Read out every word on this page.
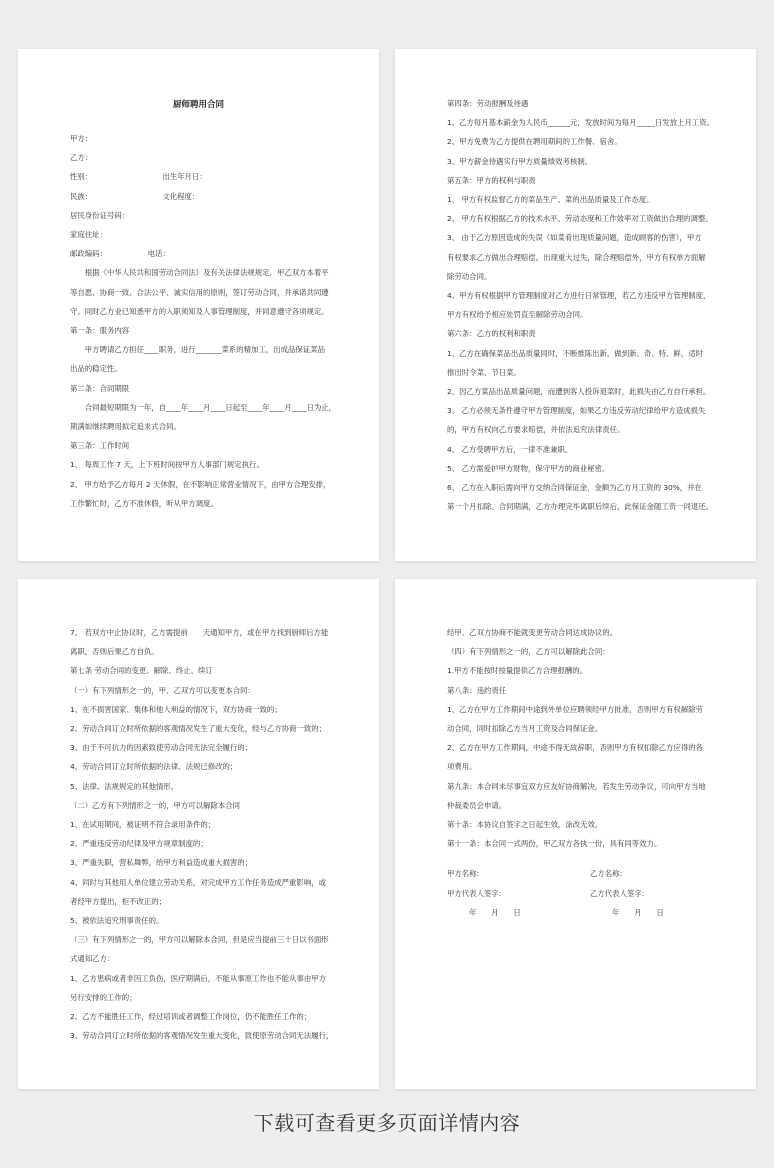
厨师聘用合同
甲方：
乙方：
性别：　　　　　　　　　　出生年月日：
民族：　　　　　　　　　　文化程度：
居民身份证号码：
家庭住址：
邮政编码：　　　　　　电话：
　　根据《中华人民共和国劳动合同法》及有关法律法规规定，甲乙双方本着平
等自愿、协商一致、合法公平、诚实信用的原则，签订劳动合同，并承诺共同遵
守。同时乙方业已知悉甲方的入职须知及人事管理制度，并同意遵守各项规定。
第一条：服务内容
　　甲方聘请乙方担任____职务，进行_______菜系的精加工，出成品保证菜品
出品的稳定性。
第二条：合同期限
　　合同最短期限为一年，自____年____月____日起至____年____月____日为止，
期满如继续聘用拟定追求式合同。
第三条：工作时间
1、 每周工作 7 天，上下班时间按甲方人事部门规定执行。
2、 甲方给予乙方每月 2 天休假，在不影响正常营业情况下，由甲方合理安排，
工作繁忙时，乙方不准休假，听从甲方调度。
第四条：劳动报酬及待遇
1、乙方每月基本薪金为人民币______元，发放时间为每月_____日发放上月工资。
2、甲方免费为乙方提供在聘用期间的工作餐、宿舍。
3、甲方薪金待遇实行甲方质量绩效考核制。
第五条：甲方的权利与职责
1、 甲方有权监督乙方的菜品生产、菜的出品质量及工作态度。
2、 甲方有权根据乙方的技术水平、劳动态度和工作效率对工资做出合理的调整。
3、 由于乙方原因造成的失误（如菜肴出现质量问题，造成顾客的伤害），甲方
有权要求乙方做出合理赔偿。出现重大过失，除合理赔偿外，甲方有权单方面解
除劳动合同。
4、甲方有权根据甲方管理制度对乙方进行日常管理，若乙方违反甲方管理制度，
甲方有权给予相应处罚直至解除劳动合同。
第六条：乙方的权利和职责
1、乙方在确保菜品出品质量同时，不断推陈出新，做到新、奇、特、鲜，适时
推出时令菜、节日菜。
2、因乙方菜品出品质量问题，而遭到客人投诉退菜时，此损失由乙方自行承担。
3、 乙方必须无条件遵守甲方管理制度，如果乙方违反劳动纪律给甲方造成损失
的，甲方有权向乙方要求赔偿，并依法追究法律责任。
4、 乙方受聘甲方后，一律不准兼职。
5、 乙方需爱护甲方财物，保守甲方的商业秘密。
6、 乙方在入职后需向甲方交纳合同保证金，金额为乙方月工资的 30%，并在
第一个月扣除。合同期满，乙方办理完毕离职后续后，此保证金随工资一同退还。
7、 若双方中止协议时，乙方需提前　　天通知甲方，或在甲方找到厨师后方能
离职，否则后果乙方自负。
第七条 劳动合同的变更、解除、终止、续订
（一）有下列情形之一的，甲、乙双方可以变更本合同：
1、在不损害国家、集体和他人利益的情况下，双方协商一致的；
2、劳动合同订立时所依据的客观情况发生了重大变化，经与乙方协商一致的；
3、由于不可抗力的因素致使劳动合同无法完全履行的；
4、劳动合同订立时所依据的法律、法规已修改的；
5、法律、法规规定的其他情形。
（二）乙方有下列情形之一的，甲方可以解除本合同
1、在试用期间，被证明不符合录用条件的；
2、严重违反劳动纪律及甲方规章制度的；
3、严重失职，营私舞弊，给甲方利益造成重大损害的；
4、同时与其他用人单位建立劳动关系，对完成甲方工作任务造成严重影响，或
者经甲方提出，拒不改正的；
5、被依法追究刑事责任的。
（三）有下列情形之一的，甲方可以解除本合同，但是应当提前三十日以书面形
式通知乙方：
1、乙方患病或者非因工负伤，医疗期满后，不能从事原工作也不能从事由甲方
另行安排的工作的；
2、乙方不能胜任工作，经过培训或者调整工作岗位，仍不能胜任工作的；
3、劳动合同订立时所依据的客观情况发生重大变化，致使原劳动合同无法履行，
经甲、乙双方协商不能就变更劳动合同达成协议的。
（四）有下列情形之一的，乙方可以解除此合同：
1.甲方不能按时按量提供乙方合理报酬的。
第八条：违约责任
1、乙方在甲方工作期间中途到外单位应聘须经甲方批准，否则甲方有权解除劳
动合同，同时扣除乙方当月工资及合同保证金。
2、乙方在甲方工作期间，中途不得无故辞职，否则甲方有权扣除乙方应得的各
项费用。
第九条：本合同未尽事宜双方应友好协商解决，若发生劳动争议，可向甲方当地
仲裁委员会申请。
第十条：本协议自签字之日起生效，涂改无效。
第十一条：本合同一式两份，甲乙双方各执一份，具有同等效力。
甲方名称:
甲方代表人签字:
年　　月　　日
乙方名称:
乙方代表人签字:
年　　月　　日
下载可查看更多页面详情内容
